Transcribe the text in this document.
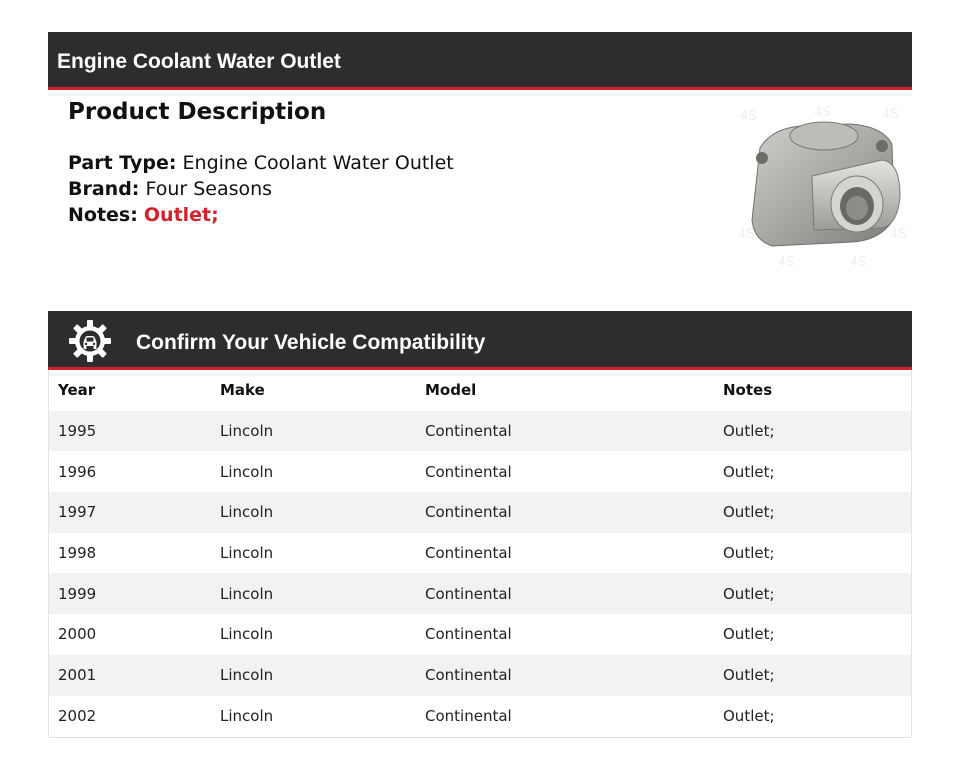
Engine Coolant Water Outlet
Product Description
Part Type: Engine Coolant Water Outlet
Brand: Four Seasons
Notes: Outlet;
4S	4S	4S
4S
4S	4S
4S
Confirm Your Vehicle Compatibility
Year	Make	Model	Notes
1995	Lincoln	Continental	Outlet;
1996	Lincoln	Continental	Outlet;
1997	Lincoln	Continental	Outlet;
1998	Lincoln	Continental	Outlet;
1999	Lincoln	Continental	Outlet;
2000	Lincoln	Continental	Outlet;
2001	Lincoln	Continental	Outlet;
2002	Lincoln	Continental	Outlet;
